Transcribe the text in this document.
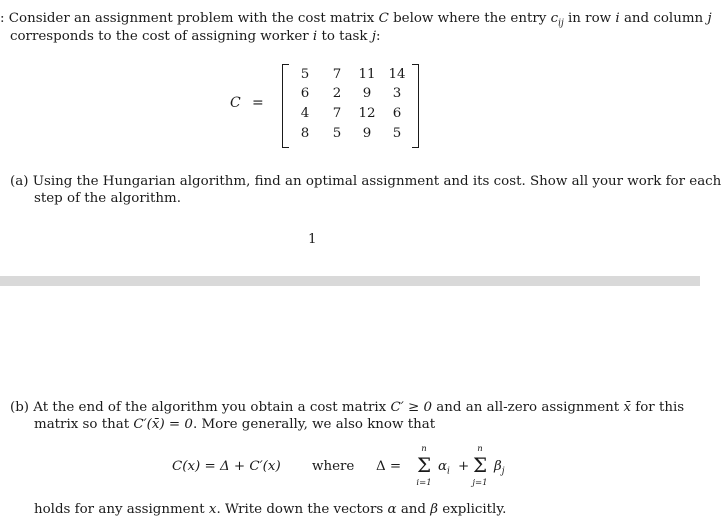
: Consider an assignment problem with the cost matrix C below where the entry $c_{ij}$ in row i and column j
corresponds to the cost of assigning worker i to task j:
C =
5	7	11 14
6	2	9	3
4	7	12	6
8	5	9	5
(a) Using the Hungarian algorithm, find an optimal assignment and its cost. Show all your work for each
step of the algorithm.
1
(b) At the end of the algorithm you obtain a cost matrix C′ ≥ 0 and an all-zero assignment x̄ for this
matrix so that C′(x̄) = 0. More generally, we also know that
C(x) = Δ + C′(x) where Δ =
n
Σ
i=1
$\alpha_i$ +
n
Σ
j=1
$\beta_j$
holds for any assignment x. Write down the vectors α and β explicitly.
